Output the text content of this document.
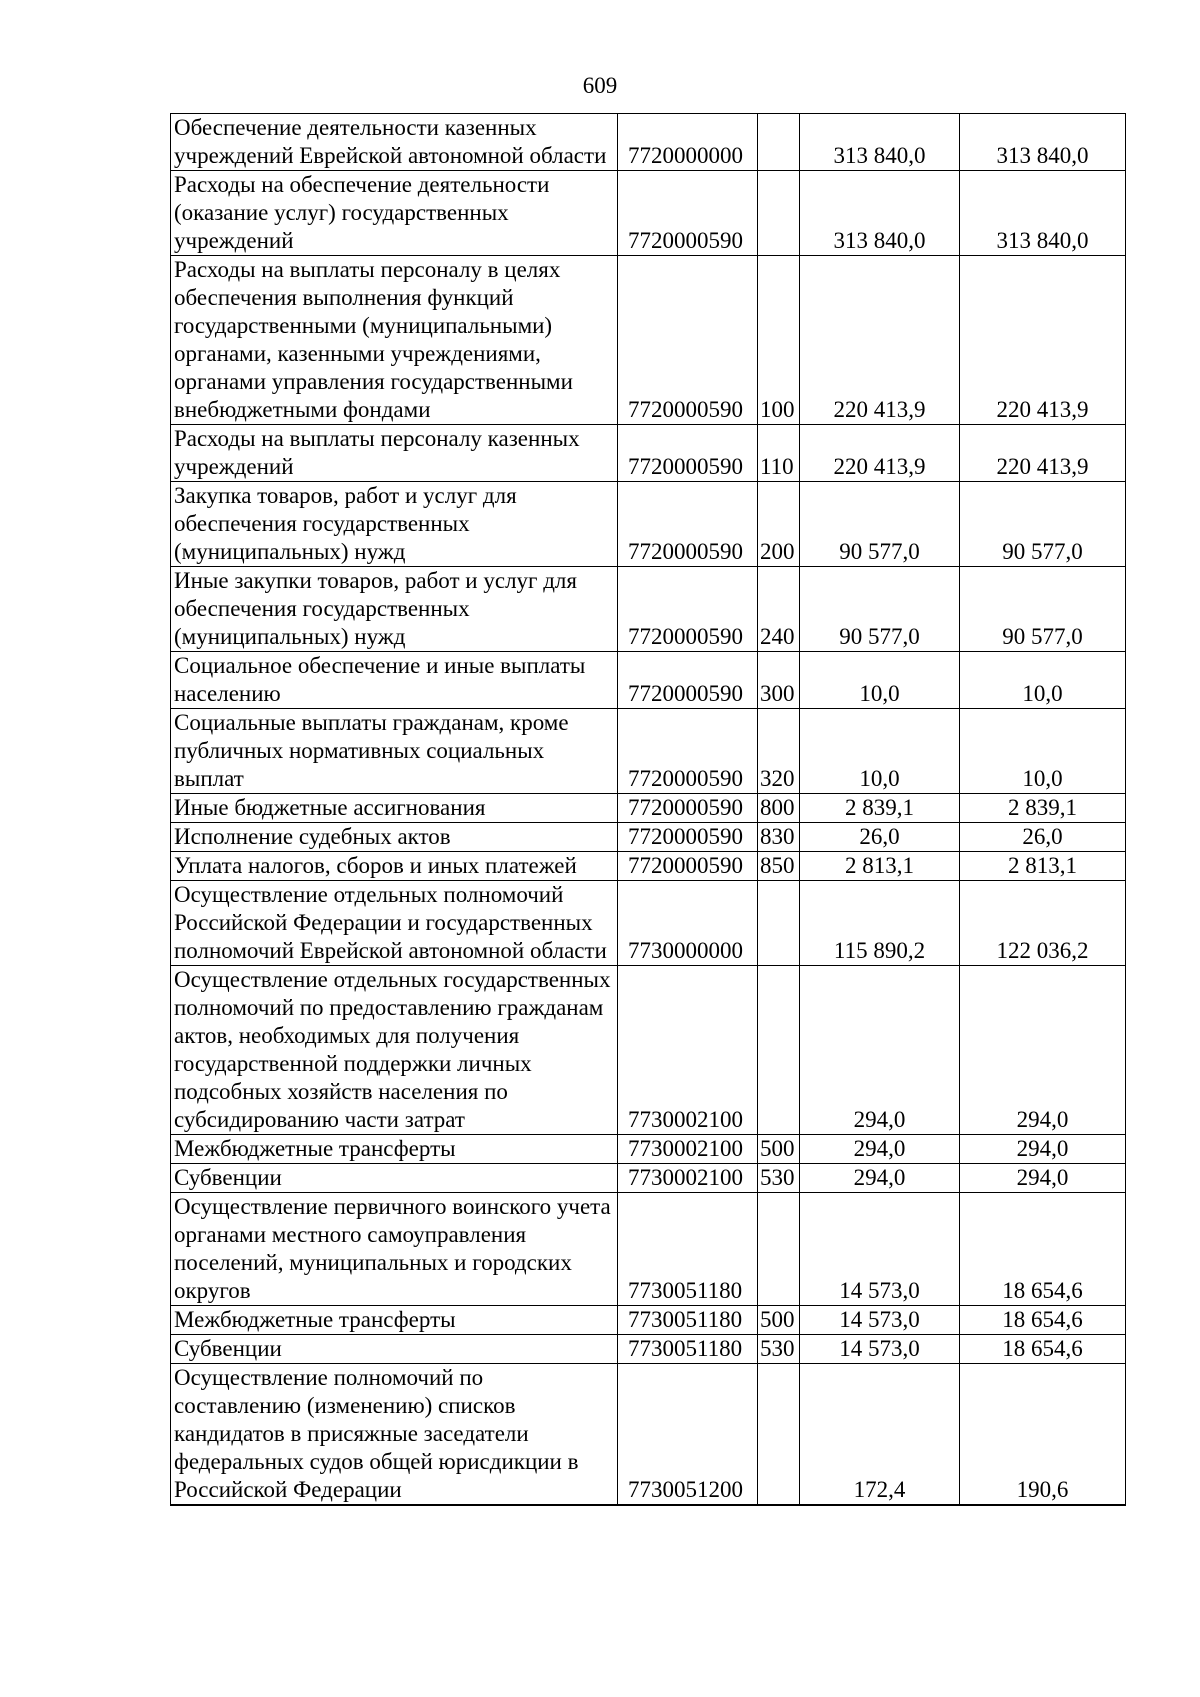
609
Обеспечение деятельности казенных учреждений Еврейской автономной области	7720000000		313 840,0	313 840,0
Расходы на обеспечение деятельности (оказание услуг) государственных учреждений	7720000590		313 840,0	313 840,0
Расходы на выплаты персоналу в целях обеспечения выполнения функций государственными (муниципальными) органами, казенными учреждениями, органами управления государственными внебюджетными фондами	7720000590	100	220 413,9	220 413,9
Расходы на выплаты персоналу казенных учреждений	7720000590	110	220 413,9	220 413,9
Закупка товаров, работ и услуг для обеспечения государственных (муниципальных) нужд	7720000590	200	90 577,0	90 577,0
Иные закупки товаров, работ и услуг для обеспечения государственных (муниципальных) нужд	7720000590	240	90 577,0	90 577,0
Социальное обеспечение и иные выплаты населению	7720000590	300	10,0	10,0
Социальные выплаты гражданам, кроме публичных нормативных социальных выплат	7720000590	320	10,0	10,0
Иные бюджетные ассигнования	7720000590	800	2 839,1	2 839,1
Исполнение судебных актов	7720000590	830	26,0	26,0
Уплата налогов, сборов и иных платежей	7720000590	850	2 813,1	2 813,1
Осуществление отдельных полномочий Российской Федерации и государственных полномочий Еврейской автономной области	7730000000		115 890,2	122 036,2
Осуществление отдельных государственных полномочий по предоставлению гражданам актов, необходимых для получения государственной поддержки личных подсобных хозяйств населения по субсидированию части затрат	7730002100		294,0	294,0
Межбюджетные трансферты	7730002100	500	294,0	294,0
Субвенции	7730002100	530	294,0	294,0
Осуществление первичного воинского учета органами местного самоуправления поселений, муниципальных и городских округов	7730051180		14 573,0	18 654,6
Межбюджетные трансферты	7730051180	500	14 573,0	18 654,6
Субвенции	7730051180	530	14 573,0	18 654,6
Осуществление полномочий по составлению (изменению) списков кандидатов в присяжные заседатели федеральных судов общей юрисдикции в Российской Федерации	7730051200		172,4	190,6
